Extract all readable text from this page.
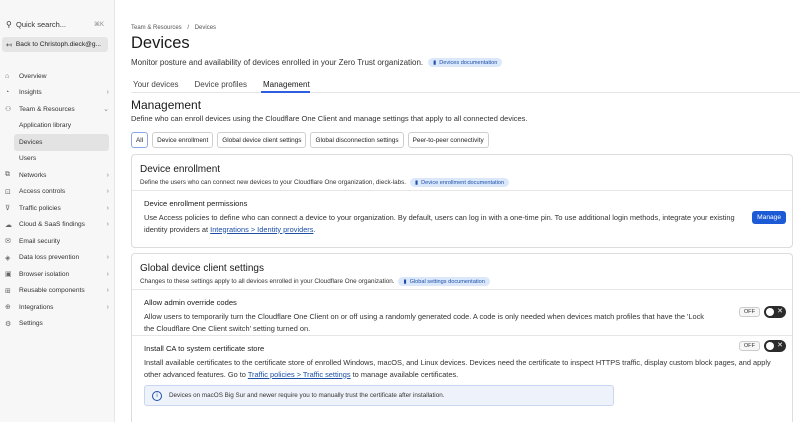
⚲ Quick search...	⌘K
↤ Back to Christoph.dieck@g...
⌂	Overview
◔	Insights	›
⚇	Team & Resources	⌄
Application library
Devices
Users
⧉	Networks	›
⊡	Access controls	›
⊽	Traffic policies	›
☁	Cloud & SaaS findings	›
✉	Email security
◈	Data loss prevention	›
▣	Browser isolation	›
⊞	Reusable components	›
⊕	Integrations	›
⚙	Settings
Team & Resources / Devices
Devices
Monitor posture and availability of devices enrolled in your Zero Trust organization. ▮ Devices documentation
Your devices Device profiles Management
Management
Define who can enroll devices using the Cloudflare One Client and manage settings that apply to all connected devices.
All	Device enrollment	Global device client settings	Global disconnection settings	Peer-to-peer connectivity
Device enrollment
Define the users who can connect new devices to your Cloudflare One organization, dieck-labs. ▮ Device enrollment documentation
Device enrollment permissions
Use Access policies to define who can connect a device to your organization. By default, users can log in with a one-time pin. To use additional login methods, integrate your existing identity providers at Integrations > Identity providers.
Manage
Global device client settings
Changes to these settings apply to all devices enrolled in your Cloudflare One organization. ▮ Global settings documentation
Allow admin override codes
Allow users to temporarily turn the Cloudflare One Client on or off using a randomly generated code. A code is only needed when devices match profiles that have the 'Lock the Cloudflare One Client switch' setting turned on.
OFF	✕
Install CA to system certificate store
Install available certificates to the certificate store of enrolled Windows, macOS, and Linux devices. Devices need the certificate to inspect HTTPS traffic, display custom block pages, and apply other advanced features. Go to Traffic policies > Traffic settings to manage available certificates.
OFF	✕
i	Devices on macOS Big Sur and newer require you to manually trust the certificate after installation.
